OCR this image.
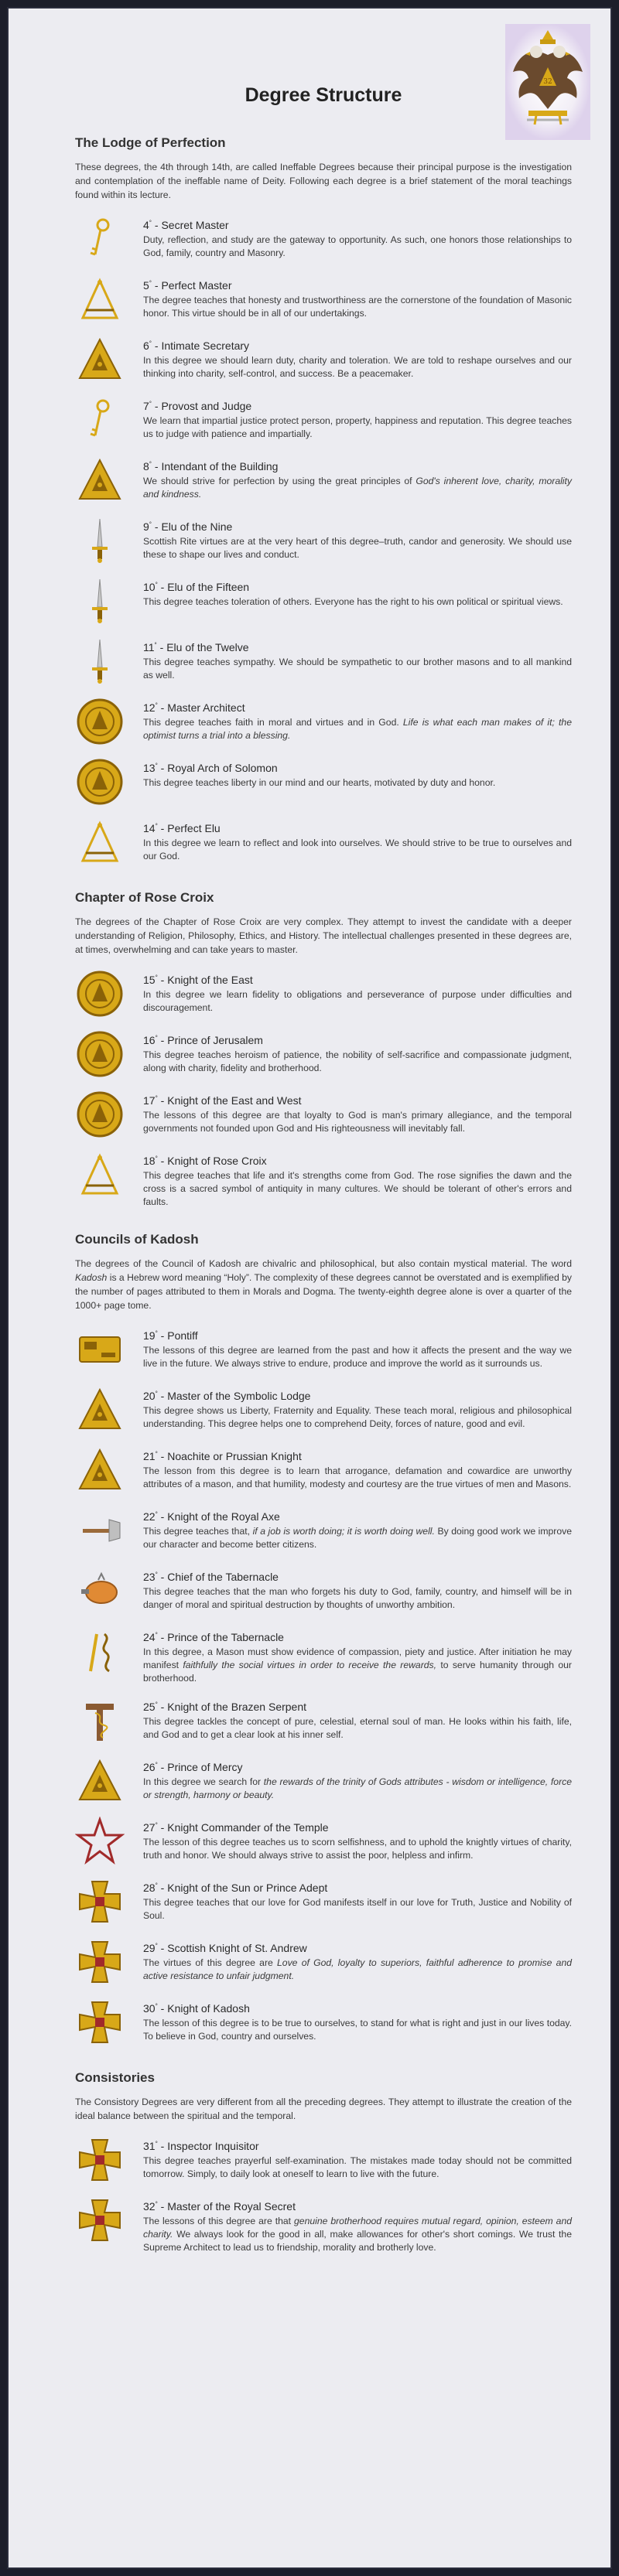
32
Degree Structure
The Lodge of Perfection

These degrees, the 4th through 14th, are called Ineffable Degrees because their principal purpose is the investigation and contemplation of the ineffable name of Deity. Following each degree is a brief statement of the moral teachings found within its lecture.

4° - Secret Master

Duty, reflection, and study are the gateway to opportunity. As such, one honors those relationships to God, family, country and Masonry.

5° - Perfect Master

The degree teaches that honesty and trustworthiness are the cornerstone of the foundation of Masonic honor. This virtue should be in all of our undertakings.

6° - Intimate Secretary

In this degree we should learn duty, charity and toleration. We are told to reshape ourselves and our thinking into charity, self-control, and success. Be a peacemaker.

7° - Provost and Judge

We learn that impartial justice protect person, property, happiness and reputation. This degree teaches us to judge with patience and impartially.

8° - Intendant of the Building

We should strive for perfection by using the great principles of God's inherent love, charity, morality and kindness.

9° - Elu of the Nine

Scottish Rite virtues are at the very heart of this degree–truth, candor and generosity. We should use these to shape our lives and conduct.

10° - Elu of the Fifteen

This degree teaches toleration of others. Everyone has the right to his own political or spiritual views.

11° - Elu of the Twelve

This degree teaches sympathy. We should be sympathetic to our brother masons and to all mankind as well.

12° - Master Architect

This degree teaches faith in moral and virtues and in God. Life is what each man makes of it; the optimist turns a trial into a blessing.

13° - Royal Arch of Solomon

This degree teaches liberty in our mind and our hearts, motivated by duty and honor.

14° - Perfect Elu

In this degree we learn to reflect and look into ourselves. We should strive to be true to ourselves and our God.

Chapter of Rose Croix

The degrees of the Chapter of Rose Croix are very complex. They attempt to invest the candidate with a deeper understanding of Religion, Philosophy, Ethics, and History. The intellectual challenges presented in these degrees are, at times, overwhelming and can take years to master.

15° - Knight of the East

In this degree we learn fidelity to obligations and perseverance of purpose under difficulties and discouragement.

16° - Prince of Jerusalem

This degree teaches heroism of patience, the nobility of self-sacrifice and compassionate judgment, along with charity, fidelity and brotherhood.

17° - Knight of the East and West

The lessons of this degree are that loyalty to God is man's primary allegiance, and the temporal governments not founded upon God and His righteousness will inevitably fall.

18° - Knight of Rose Croix

This degree teaches that life and it's strengths come from God. The rose signifies the dawn and the cross is a sacred symbol of antiquity in many cultures. We should be tolerant of other's errors and faults.

Councils of Kadosh

The degrees of the Council of Kadosh are chivalric and philosophical, but also contain mystical material. The word Kadosh is a Hebrew word meaning “Holy”. The complexity of these degrees cannot be overstated and is exemplified by the number of pages attributed to them in Morals and Dogma. The twenty-eighth degree alone is over a quarter of the 1000+ page tome.

19° - Pontiff

The lessons of this degree are learned from the past and how it affects the present and the way we live in the future. We always strive to endure, produce and improve the world as it surrounds us.

20° - Master of the Symbolic Lodge

This degree shows us Liberty, Fraternity and Equality. These teach moral, religious and philosophical understanding. This degree helps one to comprehend Deity, forces of nature, good and evil.

21° - Noachite or Prussian Knight

The lesson from this degree is to learn that arrogance, defamation and cowardice are unworthy attributes of a mason, and that humility, modesty and courtesy are the true virtues of men and Masons.

22° - Knight of the Royal Axe

This degree teaches that, if a job is worth doing; it is worth doing well. By doing good work we improve our character and become better citizens.

23° - Chief of the Tabernacle

This degree teaches that the man who forgets his duty to God, family, country, and himself will be in danger of moral and spiritual destruction by thoughts of unworthy ambition.

24° - Prince of the Tabernacle

In this degree, a Mason must show evidence of compassion, piety and justice. After initiation he may manifest faithfully the social virtues in order to receive the rewards, to serve humanity through our brotherhood.

25° - Knight of the Brazen Serpent

This degree tackles the concept of pure, celestial, eternal soul of man. He looks within his faith, life, and God and to get a clear look at his inner self.

26° - Prince of Mercy

In this degree we search for the rewards of the trinity of Gods attributes - wisdom or intelligence, force or strength, harmony or beauty.

27° - Knight Commander of the Temple

The lesson of this degree teaches us to scorn selfishness, and to uphold the knightly virtues of charity, truth and honor. We should always strive to assist the poor, helpless and infirm.

28° - Knight of the Sun or Prince Adept

This degree teaches that our love for God manifests itself in our love for Truth, Justice and Nobility of Soul.

29° - Scottish Knight of St. Andrew

The virtues of this degree are Love of God, loyalty to superiors, faithful adherence to promise and active resistance to unfair judgment.

30° - Knight of Kadosh

The lesson of this degree is to be true to ourselves, to stand for what is right and just in our lives today. To believe in God, country and ourselves.

Consistories

The Consistory Degrees are very different from all the preceding degrees. They attempt to illustrate the creation of the ideal balance between the spiritual and the temporal.

31° - Inspector Inquisitor

This degree teaches prayerful self-examination. The mistakes made today should not be committed tomorrow. Simply, to daily look at oneself to learn to live with the future.

32° - Master of the Royal Secret

The lessons of this degree are that genuine brotherhood requires mutual regard, opinion, esteem and charity. We always look for the good in all, make allowances for other's short comings. We trust the Supreme Architect to lead us to friendship, morality and brotherly love.
